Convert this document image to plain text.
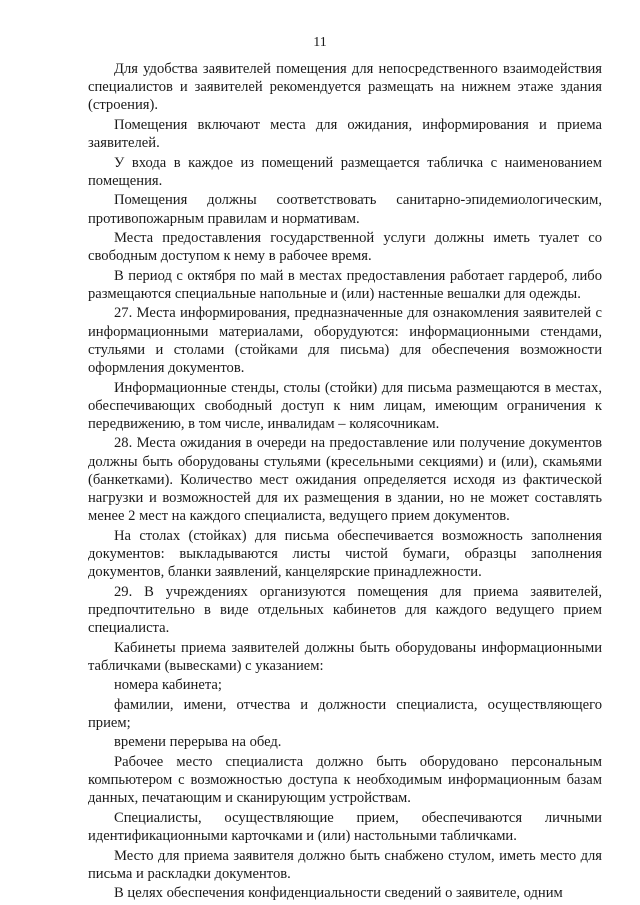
11

Для удобства заявителей помещения для непосредственного взаимодействия специалистов и заявителей рекомендуется размещать на нижнем этаже здания (строения).

Помещения включают места для ожидания, информирования и приема заявителей.

У входа в каждое из помещений размещается табличка с наименованием помещения.

Помещения должны соответствовать санитарно-эпидемиологическим, противопожарным правилам и нормативам.

Места предоставления государственной услуги должны иметь туалет со свободным доступом к нему в рабочее время.

В период с октября по май в местах предоставления работает гардероб, либо размещаются специальные напольные и (или) настенные вешалки для одежды.

27. Места информирования, предназначенные для ознакомления заявителей с информационными материалами, оборудуются: информационными стендами, стульями и столами (стойками для письма) для обеспечения возможности оформления документов.

Информационные стенды, столы (стойки) для письма размещаются в местах, обеспечивающих свободный доступ к ним лицам, имеющим ограничения к передвижению, в том числе, инвалидам – колясочникам.

28. Места ожидания в очереди на предоставление или получение документов должны быть оборудованы стульями (кресельными секциями) и (или), скамьями (банкетками). Количество мест ожидания определяется исходя из фактической нагрузки и возможностей для их размещения в здании, но не может составлять менее 2 мест на каждого специалиста, ведущего прием документов.

На столах (стойках) для письма обеспечивается возможность заполнения документов: выкладываются листы чистой бумаги, образцы заполнения документов, бланки заявлений, канцелярские принадлежности.

29. В учреждениях организуются помещения для приема заявителей, предпочтительно в виде отдельных кабинетов для каждого ведущего прием специалиста.

Кабинеты приема заявителей должны быть оборудованы информационными табличками (вывесками) с указанием:

номера кабинета;

фамилии, имени, отчества и должности специалиста, осуществляющего прием;

времени перерыва на обед.

Рабочее место специалиста должно быть оборудовано персональным компьютером с возможностью доступа к необходимым информационным базам данных, печатающим и сканирующим устройствам.

Специалисты, осуществляющие прием, обеспечиваются личными идентификационными карточками и (или) настольными табличками.

Место для приема заявителя должно быть снабжено стулом, иметь место для письма и раскладки документов.

В целях обеспечения конфиденциальности сведений о заявителе, одним
